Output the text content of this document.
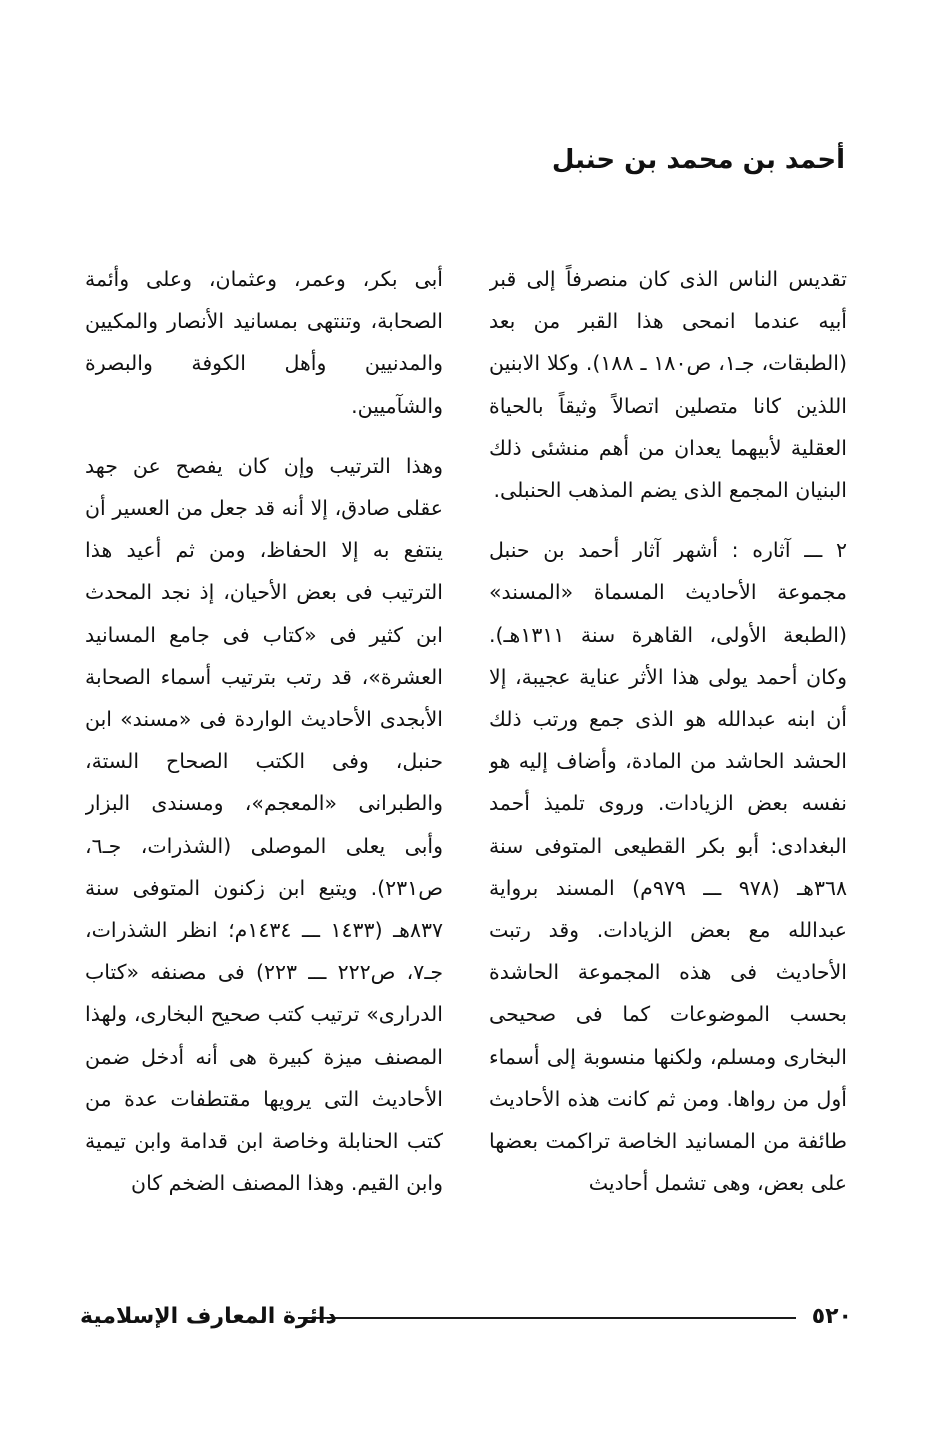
أحمد بن محمد بن حنبل

تقديس الناس الذى كان منصرفاً إلى قبر أبيه عندما انمحى هذا القبر من بعد (الطبقات، جـ١، ص١٨٠ ـ ١٨٨). وكلا الابنين اللذين كانا متصلين اتصالاً وثيقاً بالحياة العقلية لأبيهما يعدان من أهم منشئى ذلك البنيان المجمع الذى يضم المذهب الحنبلى.

٢ ـــ آثاره : أشهر آثار أحمد بن حنبل مجموعة الأحاديث المسماة «المسند» (الطبعة الأولى، القاهرة سنة ١٣١١هـ). وكان أحمد يولى هذا الأثر عناية عجيبة، إلا أن ابنه عبدالله هو الذى جمع ورتب ذلك الحشد الحاشد من المادة، وأضاف إليه هو نفسه بعض الزيادات. وروى تلميذ أحمد البغدادى: أبو بكر القطيعى المتوفى سنة ٣٦٨هـ (٩٧٨ ـــ ٩٧٩م) المسند برواية عبدالله مع بعض الزيادات. وقد رتبت الأحاديث فى هذه المجموعة الحاشدة بحسب الموضوعات كما فى صحيحى البخارى ومسلم، ولكنها منسوبة إلى أسماء أول من رواها. ومن ثم كانت هذه الأحاديث طائفة من المسانيد الخاصة تراكمت بعضها على بعض، وهى تشمل أحاديث

أبى بكر، وعمر، وعثمان، وعلى وأئمة الصحابة، وتنتهى بمسانيد الأنصار والمكيين والمدنيين وأهل الكوفة والبصرة والشآميين.

وهذا الترتيب وإن كان يفصح عن جهد عقلى صادق، إلا أنه قد جعل من العسير أن ينتفع به إلا الحفاظ، ومن ثم أعيد هذا الترتيب فى بعض الأحيان، إذ نجد المحدث ابن كثير فى «كتاب فى جامع المسانيد العشرة»، قد رتب بترتيب أسماء الصحابة الأبجدى الأحاديث الواردة فى «مسند» ابن حنبل، وفى الكتب الصحاح الستة، والطبرانى «المعجم»، ومسندى البزار وأبى يعلى الموصلى (الشذرات، جـ٦، ص٢٣١). ويتبع ابن زكنون المتوفى سنة ٨٣٧هـ (١٤٣٣ ـــ ١٤٣٤م؛ انظر الشذرات، جـ٧، ص٢٢٢ ـــ ٢٢٣) فى مصنفه «كتاب الدرارى» ترتيب كتب صحيح البخارى، ولهذا المصنف ميزة كبيرة هى أنه أدخل ضمن الأحاديث التى يرويها مقتطفات عدة من كتب الحنابلة وخاصة ابن قدامة وابن تيمية وابن القيم. وهذا المصنف الضخم كان

٥٢٠
دائرة المعارف الإسلامية
